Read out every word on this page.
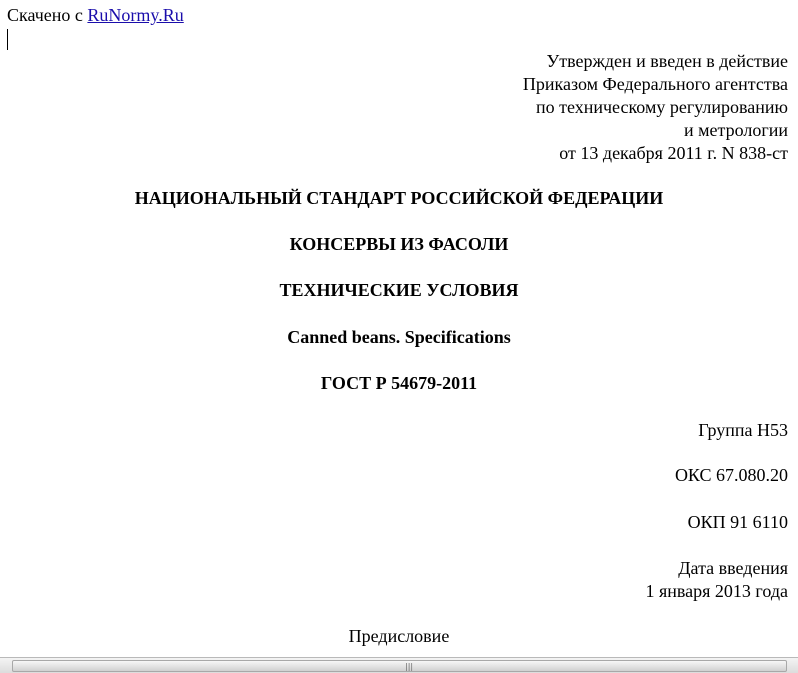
Скачено с RuNormy.Ru
Утвержден и введен в действие
Приказом Федерального агентства
по техническому регулированию
и метрологии
от 13 декабря 2011 г. N 838-ст
НАЦИОНАЛЬНЫЙ СТАНДАРТ РОССИЙСКОЙ ФЕДЕРАЦИИ
КОНСЕРВЫ ИЗ ФАСОЛИ
ТЕХНИЧЕСКИЕ УСЛОВИЯ
Canned beans. Specifications
ГОСТ Р 54679-2011
Группа Н53
ОКС 67.080.20
ОКП 91 6110
Дата введения
1 января 2013 года
Предисловие
|||
